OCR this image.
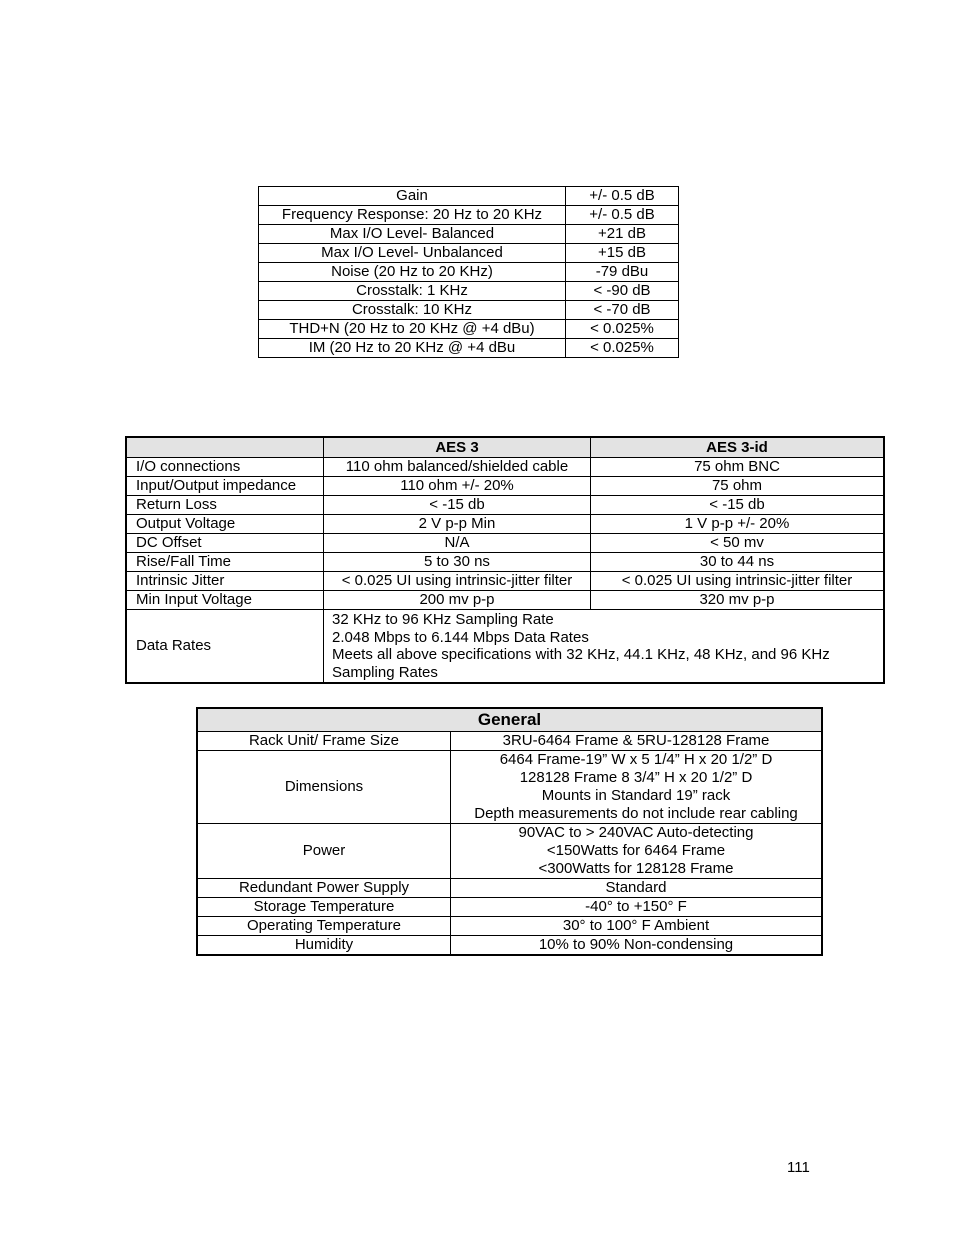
Gain	+/- 0.5 dB
Frequency Response: 20 Hz to 20 KHz	+/- 0.5 dB
Max I/O Level- Balanced	+21 dB
Max I/O Level- Unbalanced	+15 dB
Noise (20 Hz to 20 KHz)	-79 dBu
Crosstalk: 1 KHz	< -90 dB
Crosstalk: 10 KHz	< -70 dB
THD+N (20 Hz to 20 KHz @ +4 dBu)	< 0.025%
IM (20 Hz to 20 KHz @ +4 dBu	< 0.025%
	AES 3	AES 3-id
I/O connections	110 ohm balanced/shielded cable	75 ohm BNC
Input/Output impedance	110 ohm +/- 20%	75 ohm
Return Loss	< -15 db	< -15 db
Output Voltage	2 V p-p Min	1 V p-p +/- 20%
DC Offset	N/A	< 50 mv
Rise/Fall Time	5 to 30 ns	30 to 44 ns
Intrinsic Jitter	< 0.025 UI using intrinsic-jitter filter	< 0.025 UI using intrinsic-jitter filter
Min Input Voltage	200 mv p-p	320 mv p-p
Data Rates	32 KHz to 96 KHz Sampling Rate
2.048 Mbps to 6.144 Mbps Data Rates
Meets all above specifications with 32 KHz, 44.1 KHz, 48 KHz, and 96 KHz
Sampling Rates	
General	
Rack Unit/ Frame Size	3RU-6464 Frame & 5RU-128128 Frame
Dimensions	6464 Frame-19” W x 5 1/4” H x 20 1/2” D
128128 Frame 8 3/4” H x 20 1/2” D
Mounts in Standard 19” rack
Depth measurements do not include rear cabling

Power	90VAC to > 240VAC Auto-detecting
<150Watts for 6464 Frame
<300Watts for 128128 Frame

Redundant Power Supply	Standard
Storage Temperature	-40° to +150° F
Operating Temperature	30° to 100° F Ambient
Humidity	10% to 90% Non-condensing
111
